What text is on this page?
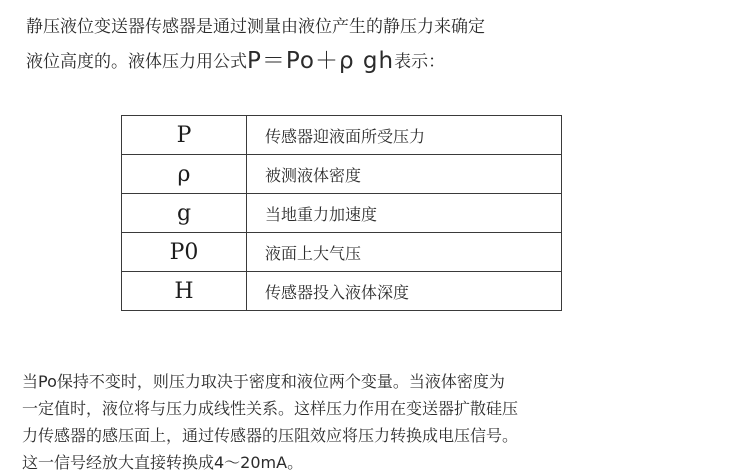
静压液位变送器传感器是通过测量由液位产生的静压力来确定
液位高度的。液体压力用公式P＝Po＋ρ gh表示：
P	传感器迎液面所受压力
ρ	被测液体密度
g	当地重力加速度
P0	液面上大气压
H	传感器投入液体深度

当Po保持不变时，则压力取决于密度和液位两个变量。当液体密度为

一定值时，液位将与压力成线性关系。这样压力作用在变送器扩散硅压

力传感器的感压面上，通过传感器的压阻效应将压力转换成电压信号。

这一信号经放大直接转换成4～20mA。
